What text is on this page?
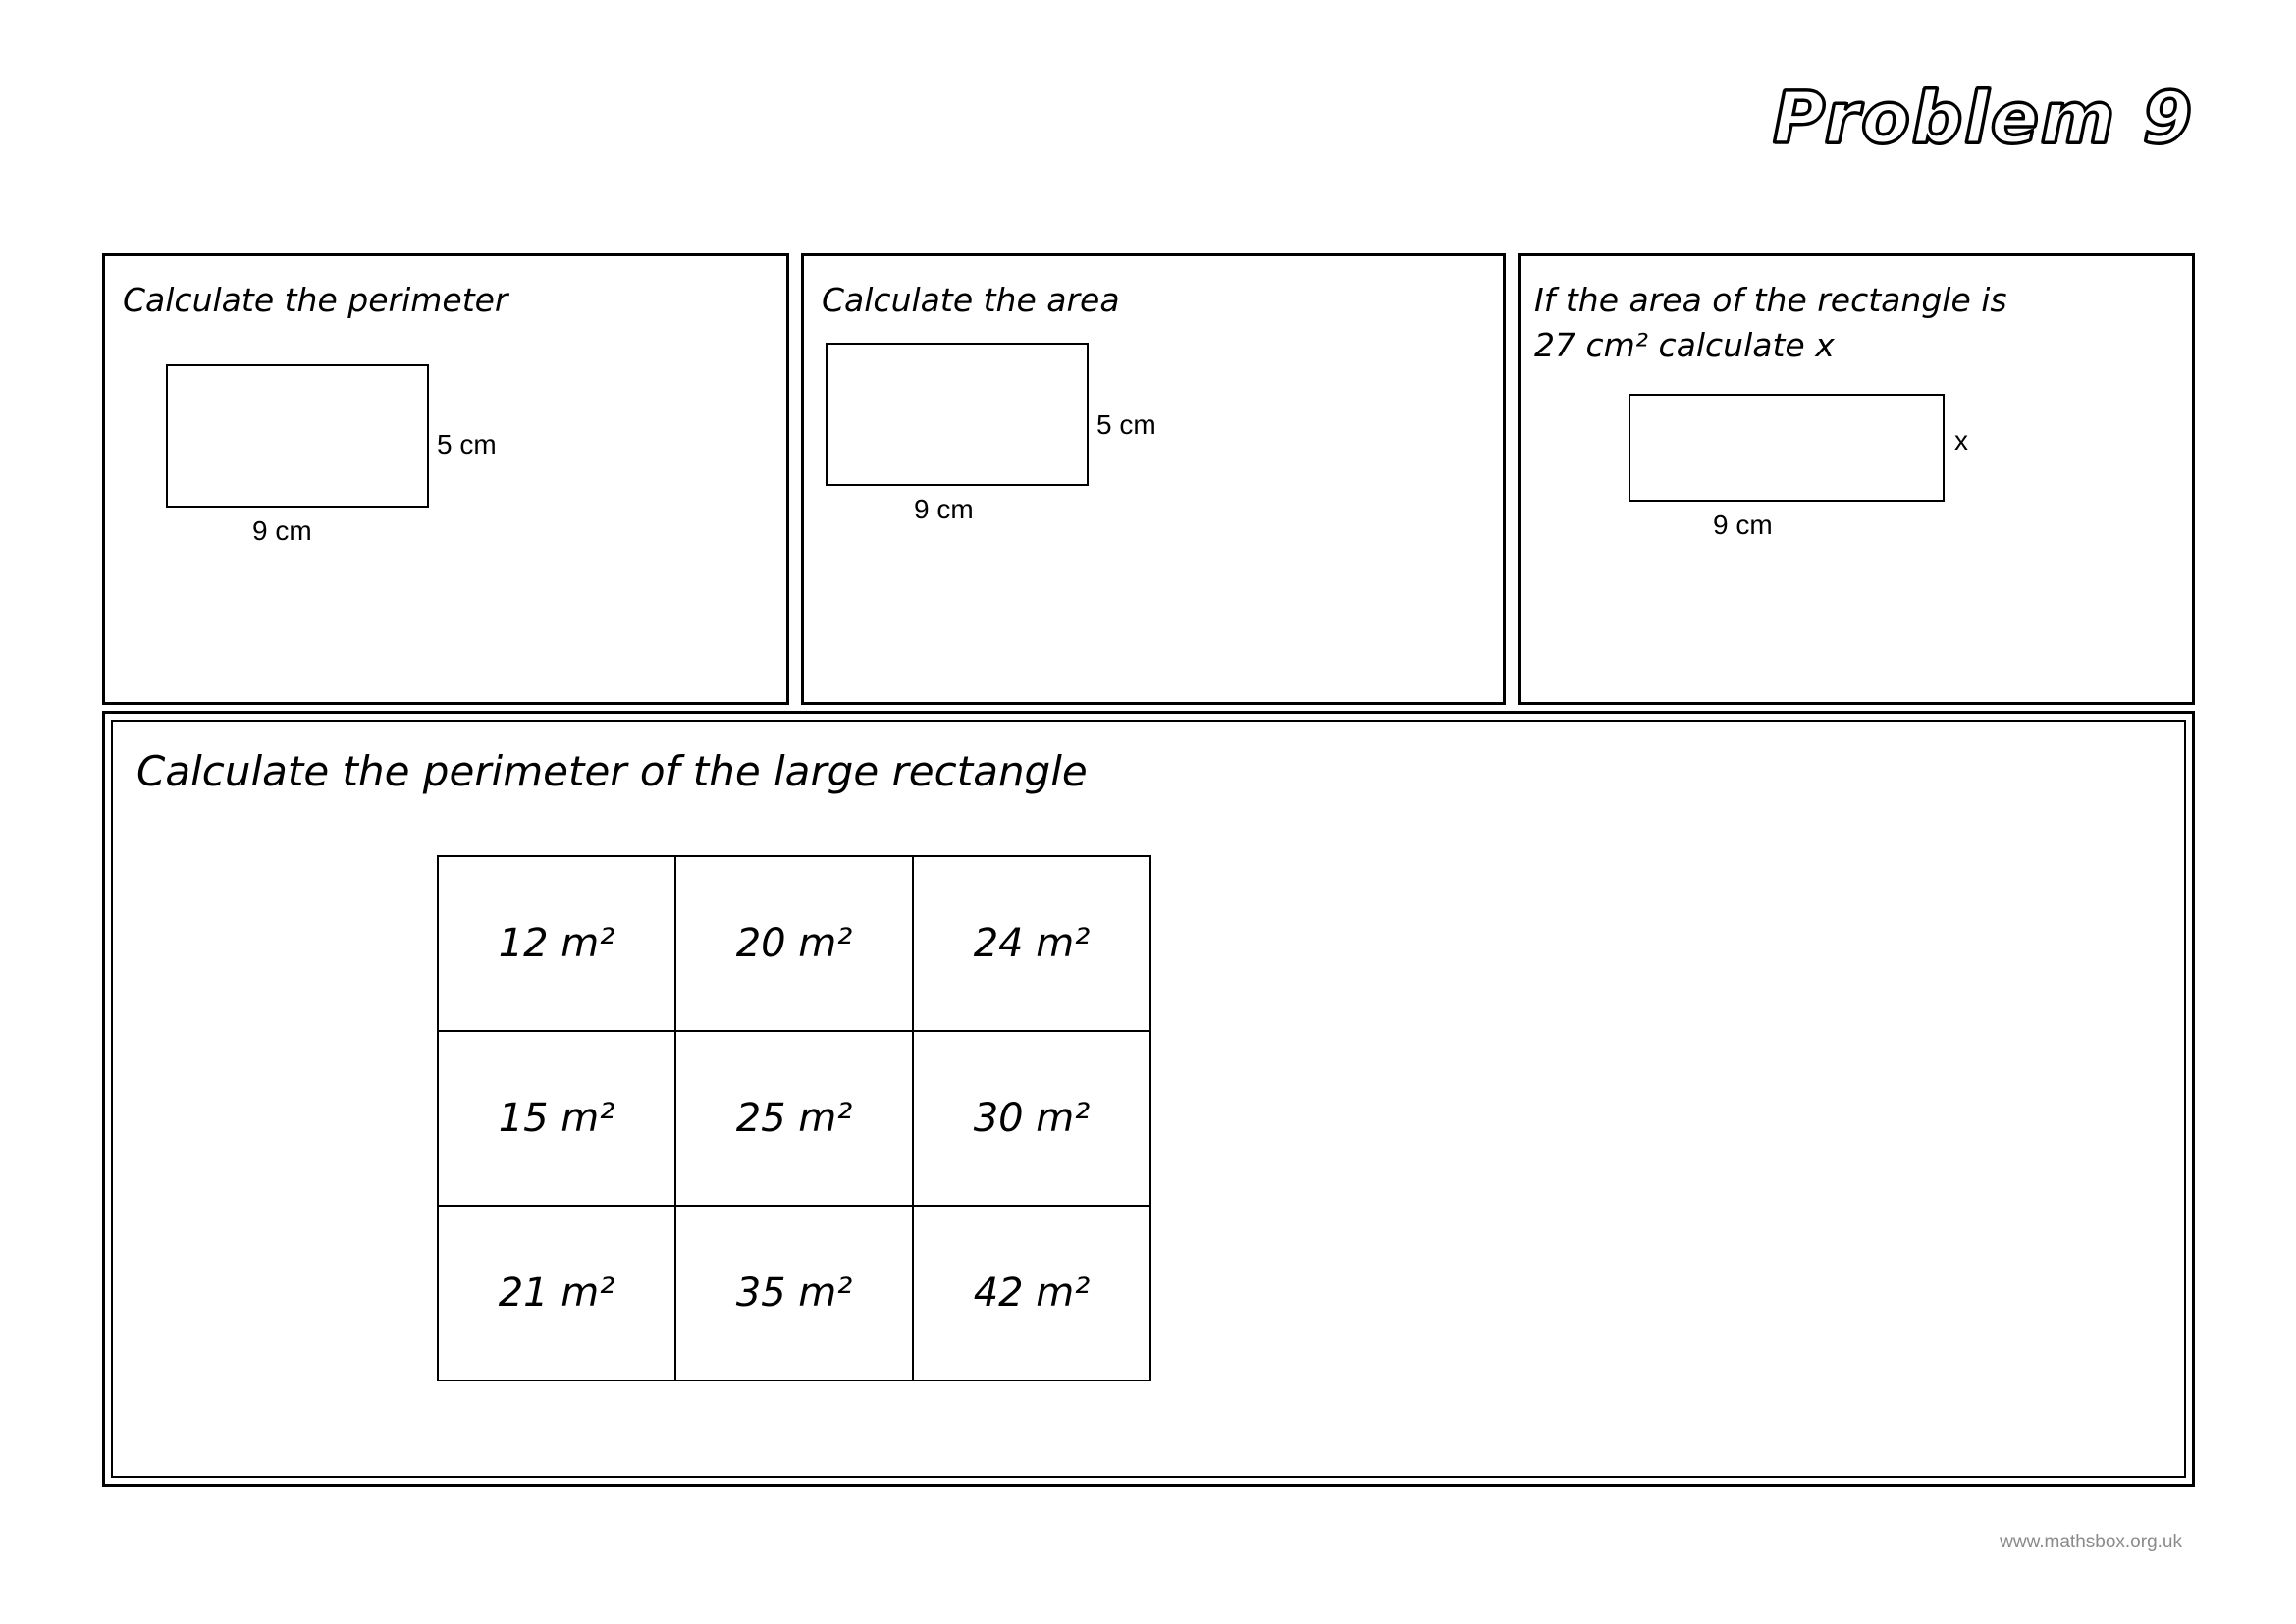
Problem 9
Calculate the perimeter
5 cm
9 cm
Calculate the area
5 cm
9 cm
If the area of the rectangle is
27 cm² calculate x
x
9 cm
Calculate the perimeter of the large rectangle
12 m²	20 m²	24 m²
15 m²	25 m²	30 m²
21 m²	35 m²	42 m²
www.mathsbox.org.uk
